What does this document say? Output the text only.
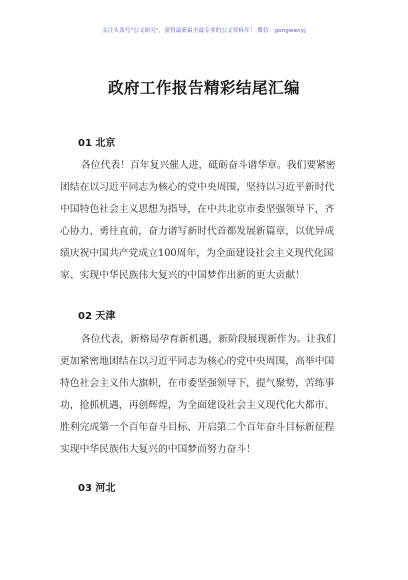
关注头条号"公文研究"，获得最新最全最专业的公文资料库！ 微信：gongwenyj
政府工作报告精彩结尾汇编
01 北京
各位代表！百年复兴催人进，砥砺奋斗谱华章。我们要紧密
团结在以习近平同志为核心的党中央周围，坚持以习近平新时代
中国特色社会主义思想为指导，在中共北京市委坚强领导下，齐
心协力、勇往直前，奋力谱写新时代首都发展新篇章，以优异成
绩庆祝中国共产党成立100周年，为全面建设社会主义现代化国
家、实现中华民族伟大复兴的中国梦作出新的更大贡献！
02 天津
各位代表，新格局孕育新机遇，新阶段展现新作为。让我们
更加紧密地团结在以习近平同志为核心的党中央周围，高举中国
特色社会主义伟大旗帜，在市委坚强领导下，提气聚势，苦练事
功，抢抓机遇，再创辉煌，为全面建设社会主义现代化大都市、
胜利完成第一个百年奋斗目标、开启第二个百年奋斗目标新征程
实现中华民族伟大复兴的中国梦而努力奋斗！
03 河北
